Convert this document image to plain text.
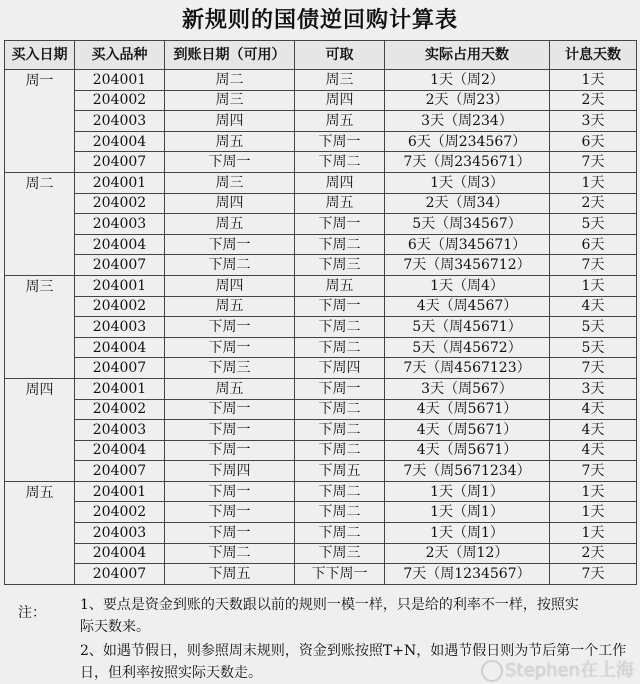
新规则的国债逆回购计算表
买入日期	买入品种	到账日期（可用）	可取	实际占用天数	计息天数
周一	204001	周二	周三	1天（周2）	1天
	204002	周三	周四	2天（周23）	2天
	204003	周四	周五	3天（周234）	3天
	204004	周五	下周一	6天（周234567）	6天
	204007	下周一	下周二	7天（周2345671）	7天
周二	204001	周三	周四	1天（周3）	1天
	204002	周四	周五	2天（周34）	2天
	204003	周五	下周一	5天（周34567）	5天
	204004	下周一	下周二	6天（周345671）	6天
	204007	下周二	下周三	7天（周3456712）	7天
周三	204001	周四	周五	1天（周4）	1天
	204002	周五	下周一	4天（周4567）	4天
	204003	下周一	下周二	5天（周45671）	5天
	204004	下周一	下周二	5天（周45672）	5天
	204007	下周三	下周四	7天（周4567123）	7天
周四	204001	周五	下周一	3天（周567）	3天
	204002	下周一	下周二	4天（周5671）	4天
	204003	下周一	下周二	4天（周5671）	4天
	204004	下周一	下周二	4天（周5671）	4天
	204007	下周四	下周五	7天（周5671234）	7天
周五	204001	下周一	下周二	1天（周1）	1天
	204002	下周一	下周二	1天（周1）	1天
	204003	下周一	下周二	1天（周1）	1天
	204004	下周二	下周三	2天（周12）	2天
	204007	下周五	下下周一	7天（周1234567）	7天
注： 1、要点是资金到账的天数跟以前的规则一模一样，只是给的利率不一样，按照实际天数来。
2、如遇节假日，则参照周末规则，资金到账按照T+N，如遇节假日则为节后第一个工作日，但利率按照实际天数走。	Stephen在上海
